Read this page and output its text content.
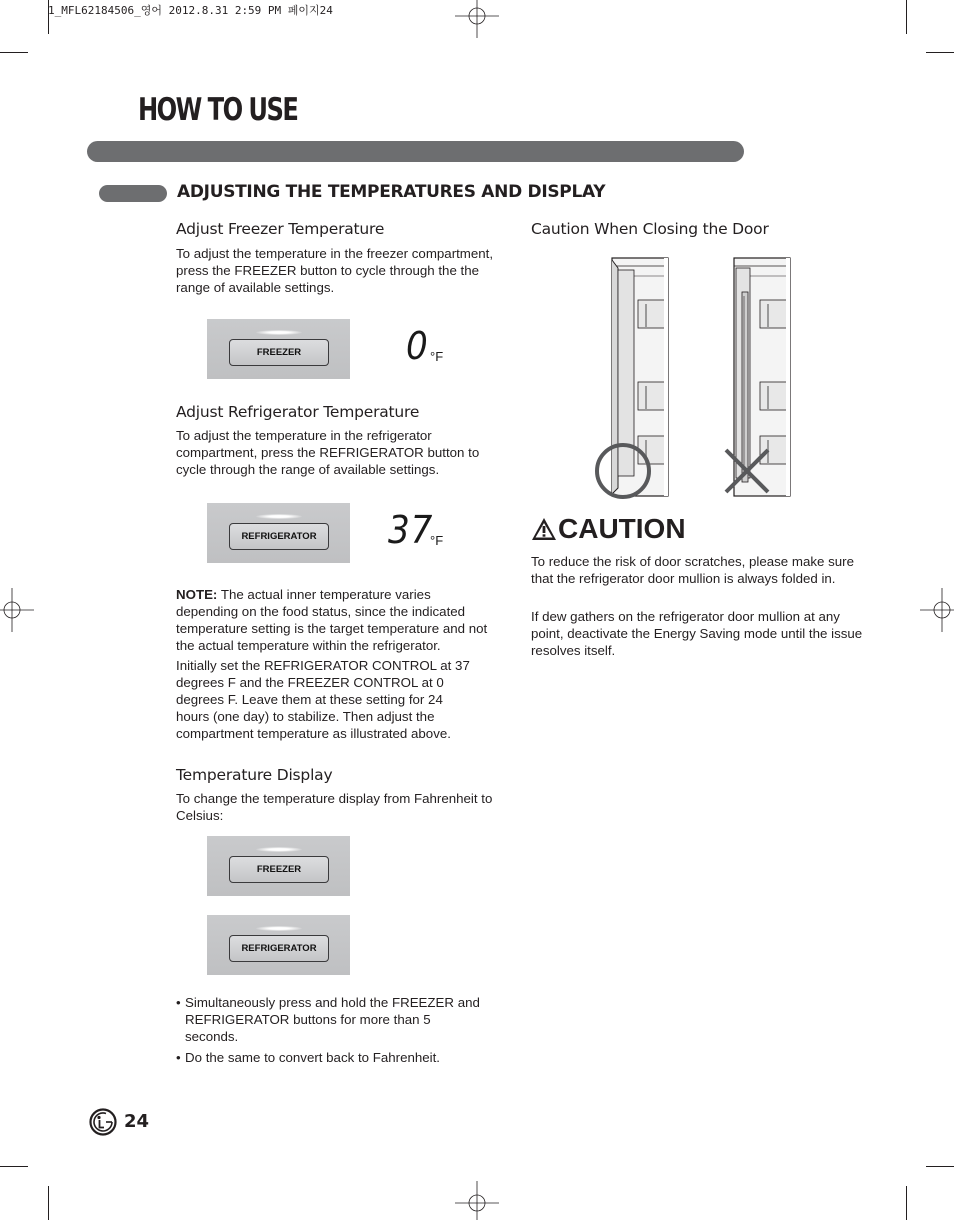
1_MFL62184506_영어 2012.8.31 2:59 PM 페이지24
HOW TO USE
ADJUSTING THE TEMPERATURES AND DISPLAY
Adjust Freezer Temperature
To adjust the temperature in the freezer compartment, press the FREEZER button to cycle through the the range of available settings.
FREEZER	0 °F
Adjust Refrigerator Temperature
To adjust the temperature in the refrigerator compartment, press the REFRIGERATOR button to cycle through the range of available settings.
REFRIGERATOR	37
°F
NOTE: The actual inner temperature varies depending on the food status, since the indicated temperature setting is the target temperature and not the actual temperature within the refrigerator.
Initially set the REFRIGERATOR CONTROL at 37 degrees F and the FREEZER CONTROL at 0 degrees F. Leave them at these setting for 24 hours (one day) to stabilize. Then adjust the compartment temperature as illustrated above.
Temperature Display
To change the temperature display from Fahrenheit to Celsius:
FREEZER
REFRIGERATOR
• Simultaneously press and hold the FREEZER and REFRIGERATOR buttons for more than 5 seconds.
• Do the same to convert back to Fahrenheit.
Caution When Closing the Door
CAUTION
To reduce the risk of door scratches, please make sure that the refrigerator door mullion is always folded in.
If dew gathers on the refrigerator door mullion at any point, deactivate the Energy Saving mode until the issue resolves itself.
24
